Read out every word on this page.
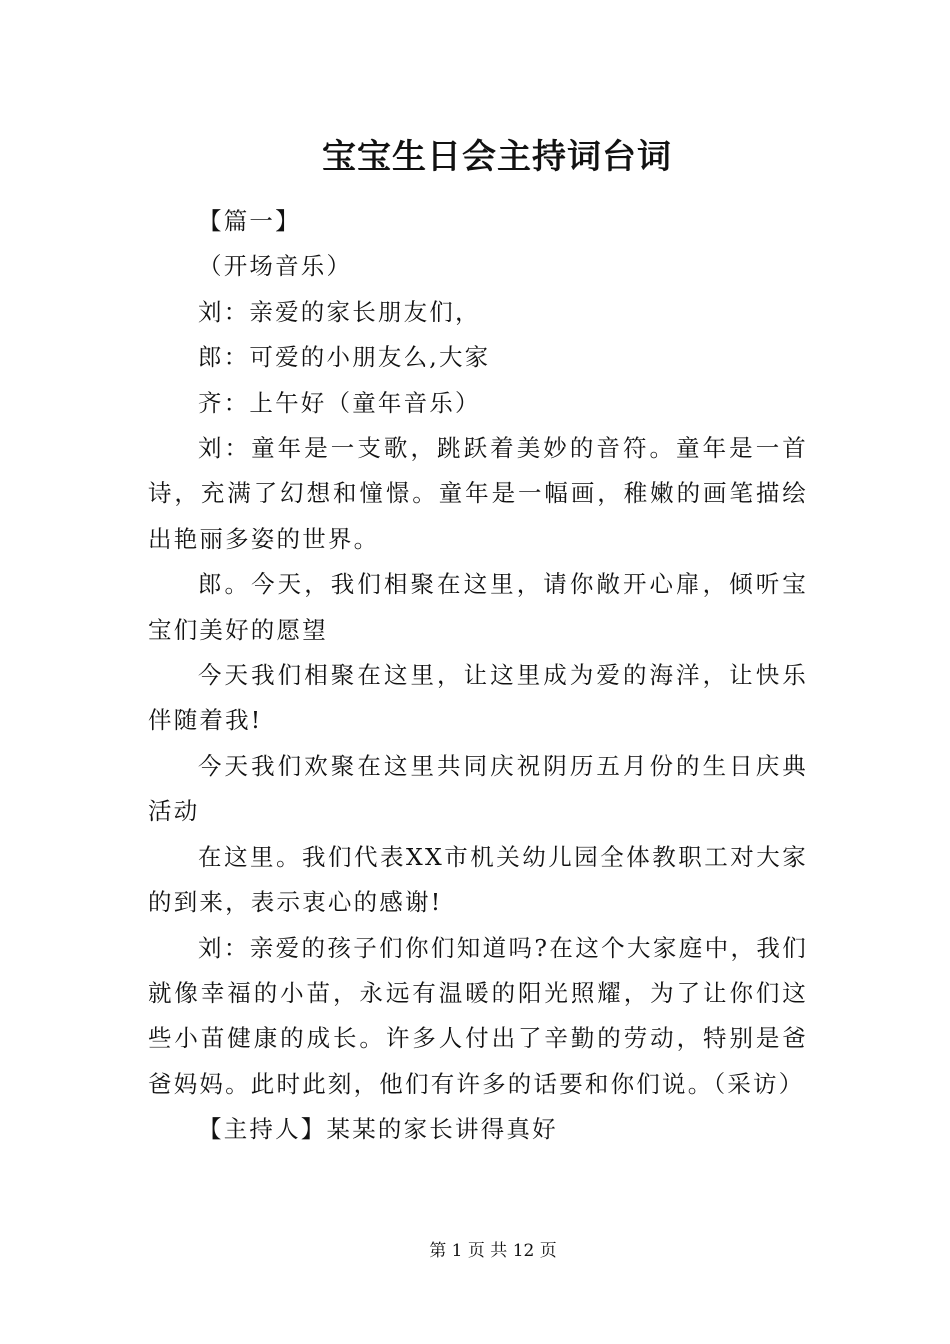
宝宝生日会主持词台词

【篇一】

（开场音乐）

刘：亲爱的家长朋友们，

郎：可爱的小朋友么,大家

齐：上午好（童年音乐）

刘：童年是一支歌，跳跃着美妙的音符。童年是一首诗，充满了幻想和憧憬。童年是一幅画，稚嫩的画笔描绘出艳丽多姿的世界。

郎。今天，我们相聚在这里，请你敞开心扉，倾听宝宝们美好的愿望

今天我们相聚在这里，让这里成为爱的海洋，让快乐伴随着我!

今天我们欢聚在这里共同庆祝阴历五月份的生日庆典活动

在这里。我们代表XX市机关幼儿园全体教职工对大家的到来，表示衷心的感谢!

刘：亲爱的孩子们你们知道吗?在这个大家庭中，我们就像幸福的小苗，永远有温暖的阳光照耀，为了让你们这些小苗健康的成长。许多人付出了辛勤的劳动，特别是爸爸妈妈。此时此刻，他们有许多的话要和你们说。（采访）

【主持人】某某的家长讲得真好

第 1 页 共 12 页
